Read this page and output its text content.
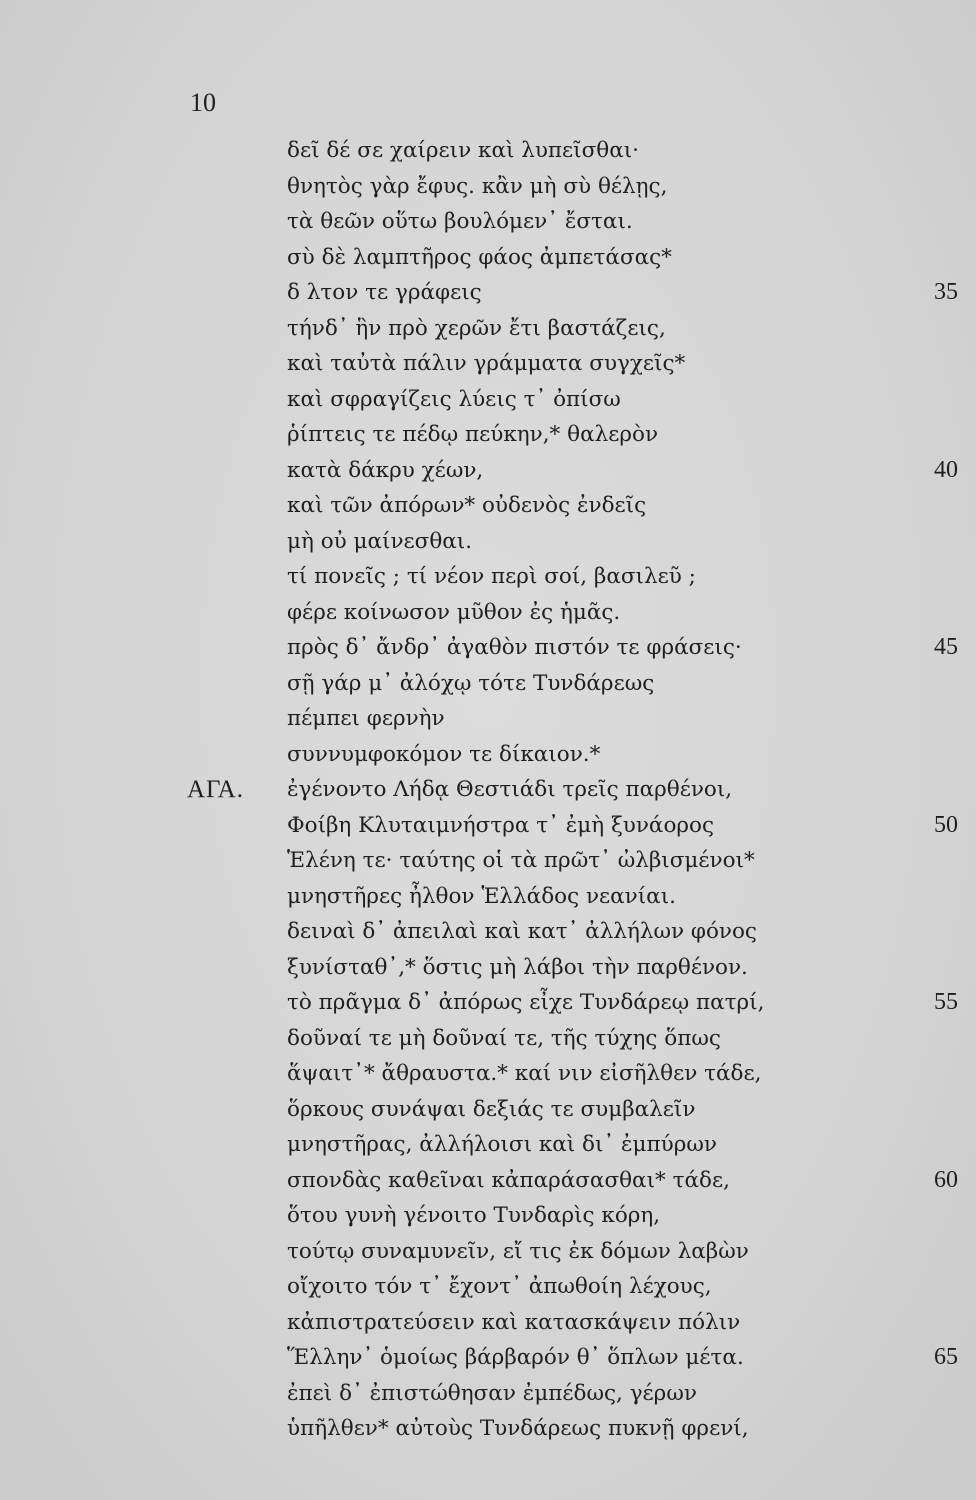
10
δεῖ δέ σε χαίρειν καὶ λυπεῖσθαι·
θνητὸς γὰρ ἔφυς. κἂν μὴ σὺ θέλῃς,
τὰ θεῶν οὕτω βουλόμεν᾽ ἔσται.
σὺ δὲ λαμπτῆρος φάος ἀμπετάσας*
δ λτον τε γράφεις	35
τήνδ᾽ ἣν πρὸ χερῶν ἔτι βαστάζεις,
καὶ ταὐτὰ πάλιν γράμματα συγχεῖς*
καὶ σφραγίζεις λύεις τ᾽ ὀπίσω
ῥίπτεις τε πέδῳ πεύκην,* θαλερὸν
κατὰ δάκρυ χέων,	40
καὶ τῶν ἀπόρων* οὐδενὸς ἐνδεῖς
μὴ οὐ μαίνεσθαι.
τί πονεῖς ; τί νέον περὶ σοί, βασιλεῦ ;
φέρε κοίνωσον μῦθον ἐς ἡμᾶς.
πρὸς δ᾽ ἄνδρ᾽ ἀγαθὸν πιστόν τε φράσεις·	45
σῇ γάρ μ᾽ ἀλόχῳ τότε Τυνδάρεως
πέμπει φερνὴν
συννυμφοκόμον τε δίκαιον.*
ΑΓΑ. ἐγένοντο Λήδᾳ Θεστιάδι τρεῖς παρθένοι,
Φοίβη Κλυταιμνήστρα τ᾽ ἐμὴ ξυνάορος	50
Ἑλένη τε· ταύτης οἱ τὰ πρῶτ᾽ ὠλβισμένοι*
μνηστῆρες ἦλθον Ἑλλάδος νεανίαι.
δειναὶ δ᾽ ἀπειλαὶ καὶ κατ᾽ ἀλλήλων φόνος
ξυνίσταθ᾽,* ὅστις μὴ λάβοι τὴν παρθένον.
τὸ πρᾶγμα δ᾽ ἀπόρως εἶχε Τυνδάρεῳ πατρί,	55
δοῦναί τε μὴ δοῦναί τε, τῆς τύχης ὅπως
ἅψαιτ᾽* ἄθραυστα.* καί νιν εἰσῆλθεν τάδε,
ὅρκους συνάψαι δεξιάς τε συμβαλεῖν
μνηστῆρας, ἀλλήλοισι καὶ δι᾽ ἐμπύρων
σπονδὰς καθεῖναι κἀπαράσασθαι* τάδε,	60
ὅτου γυνὴ γένοιτο Τυνδαρὶς κόρη,
τούτῳ συναμυνεῖν, εἴ τις ἐκ δόμων λαβὼν
οἴχοιτο τόν τ᾽ ἔχοντ᾽ ἀπωθοίη λέχους,
κἀπιστρατεύσειν καὶ κατασκάψειν πόλιν
Ἕλλην᾽ ὁμοίως βάρβαρόν θ᾽ ὅπλων μέτα.	65
ἐπεὶ δ᾽ ἐπιστώθησαν ἐμπέδως, γέρων
ὑπῆλθεν* αὐτοὺς Τυνδάρεως πυκνῇ φρενί,
